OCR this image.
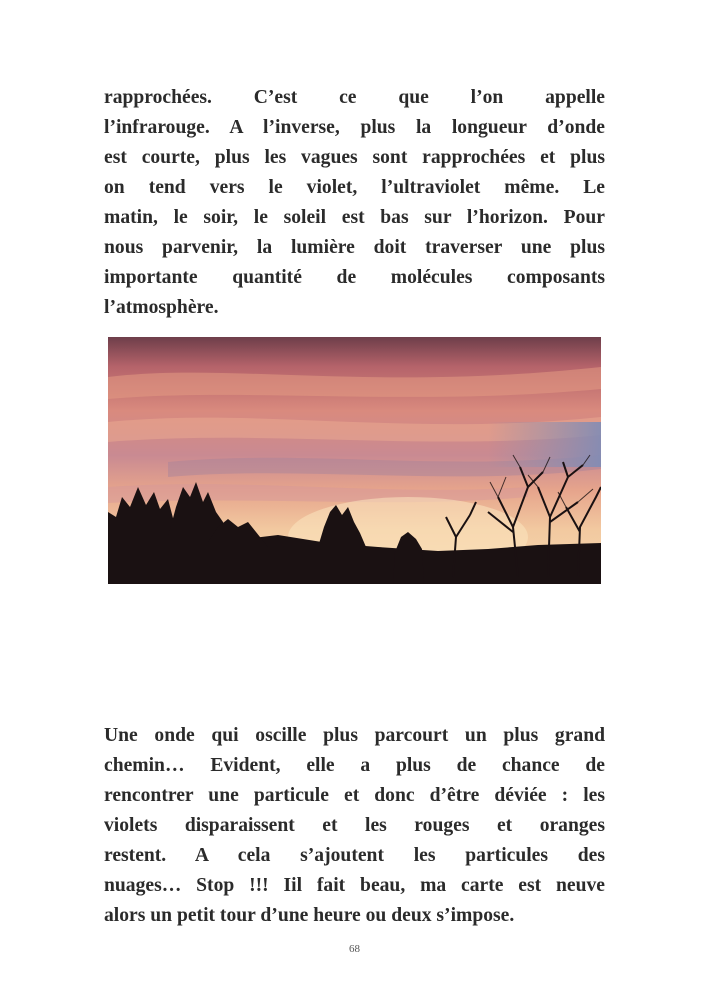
rapprochées. C’est ce que l’on appelle
l’infrarouge. A l’inverse, plus la longueur d’onde
est courte, plus les vagues sont rapprochées et plus
on tend vers le violet, l’ultraviolet même. Le
matin, le soir, le soleil est bas sur l’horizon. Pour
nous parvenir, la lumière doit traverser une plus
importante quantité de molécules composants
l’atmosphère.
Une onde qui oscille plus parcourt un plus grand
chemin… Evident, elle a plus de chance de
rencontrer une particule et donc d’être déviée : les
violets disparaissent et les rouges et oranges
restent. A cela s’ajoutent les particules des
nuages… Stop !!! Iil fait beau, ma carte est neuve
alors un petit tour d’une heure ou deux s’impose.
68
